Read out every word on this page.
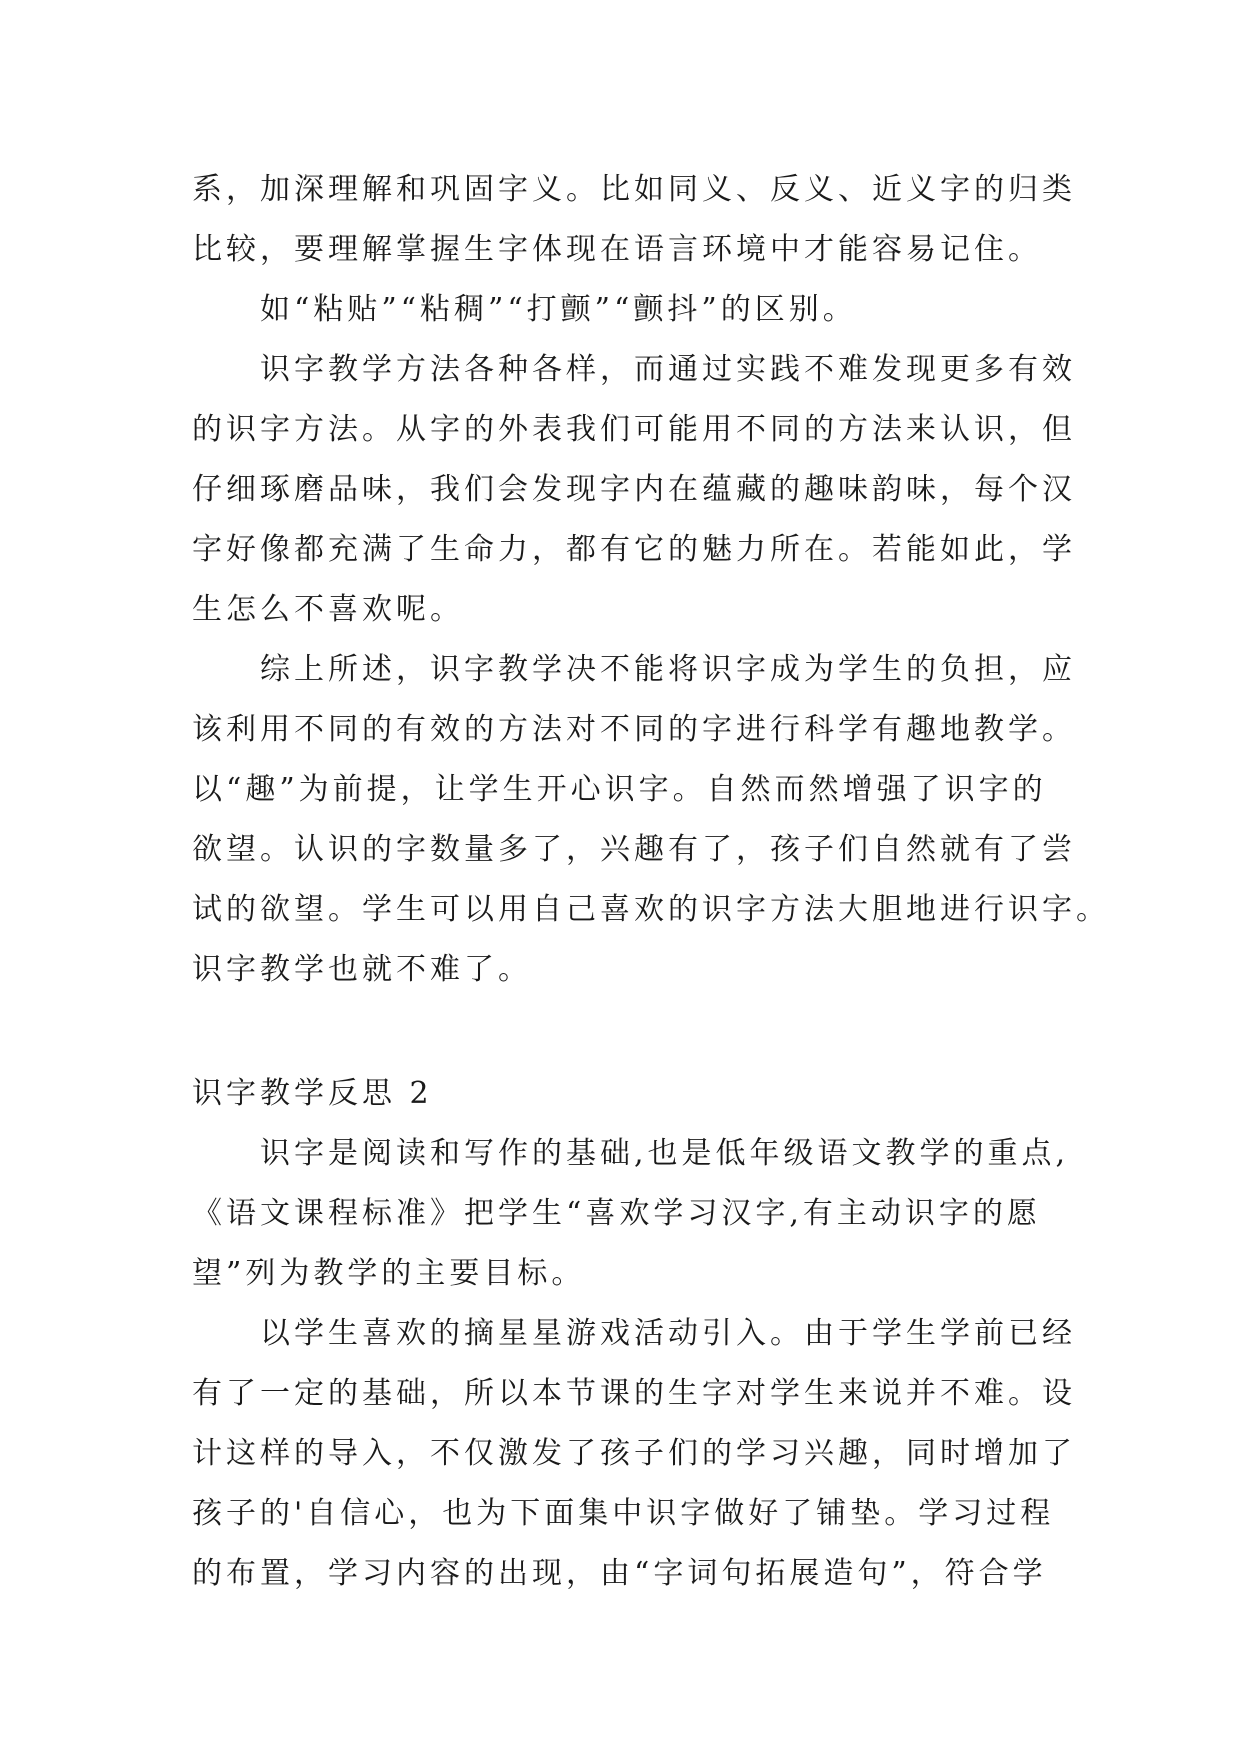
系，加深理解和巩固字义。比如同义、反义、近义字的归类
比较，要理解掌握生字体现在语言环境中才能容易记住。
如“粘贴”“粘稠”“打颤”“颤抖”的区别。
识字教学方法各种各样，而通过实践不难发现更多有效
的识字方法。从字的外表我们可能用不同的方法来认识，但
仔细琢磨品味，我们会发现字内在蕴藏的趣味韵味，每个汉
字好像都充满了生命力，都有它的魅力所在。若能如此，学
生怎么不喜欢呢。
综上所述，识字教学决不能将识字成为学生的负担，应
该利用不同的有效的方法对不同的字进行科学有趣地教学。
以“趣”为前提，让学生开心识字。自然而然增强了识字的
欲望。认识的字数量多了，兴趣有了，孩子们自然就有了尝
试的欲望。学生可以用自己喜欢的识字方法大胆地进行识字。
识字教学也就不难了。
识字教学反思 2
识字是阅读和写作的基础,也是低年级语文教学的重点,
《语文课程标准》把学生“喜欢学习汉字,有主动识字的愿
望”列为教学的主要目标。
以学生喜欢的摘星星游戏活动引入。由于学生学前已经
有了一定的基础，所以本节课的生字对学生来说并不难。设
计这样的导入，不仅激发了孩子们的学习兴趣，同时增加了
孩子的'自信心，也为下面集中识字做好了铺垫。学习过程
的布置，学习内容的出现，由“字词句拓展造句”，符合学
